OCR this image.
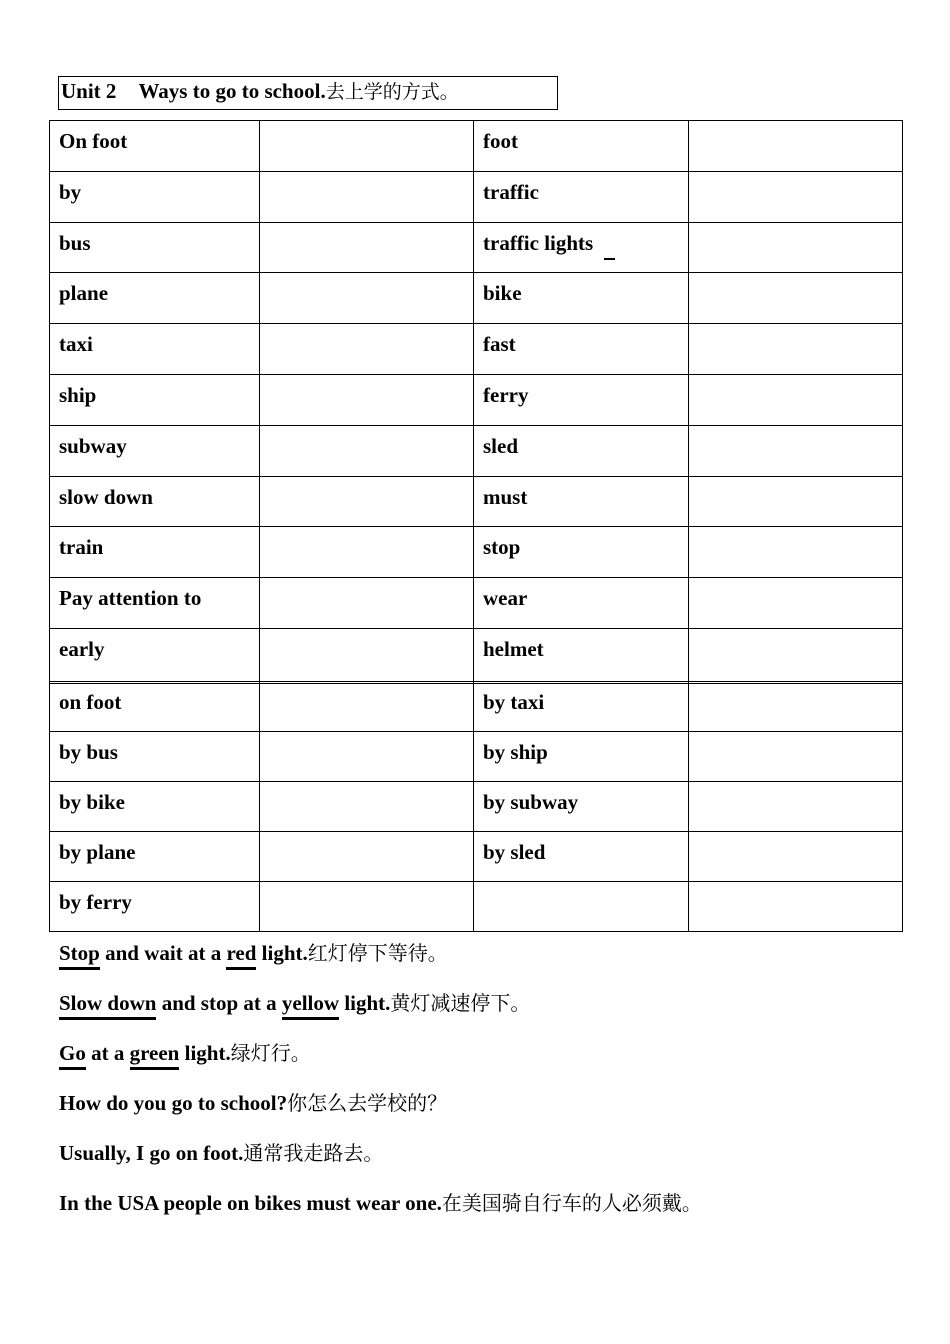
Unit 2 Ways to go to school.去上学的方式。
On foot		foot	
by		traffic	
bus		traffic lights	
plane		bike	
taxi		fast	
ship		ferry	
subway		sled	
slow down		must	
train		stop	
Pay attention to		wear	
early		helmet	
on foot		by taxi	
by bus		by ship	
by bike		by subway	
by plane		by sled	
by ferry			
Stop and wait at a red light.红灯停下等待。
Slow down and stop at a yellow light.黄灯减速停下。
Go at a green light.绿灯行。
How do you go to school?你怎么去学校的？
Usually, I go on foot.通常我走路去。
In the USA people on bikes must wear one.在美国骑自行车的人必须戴。
